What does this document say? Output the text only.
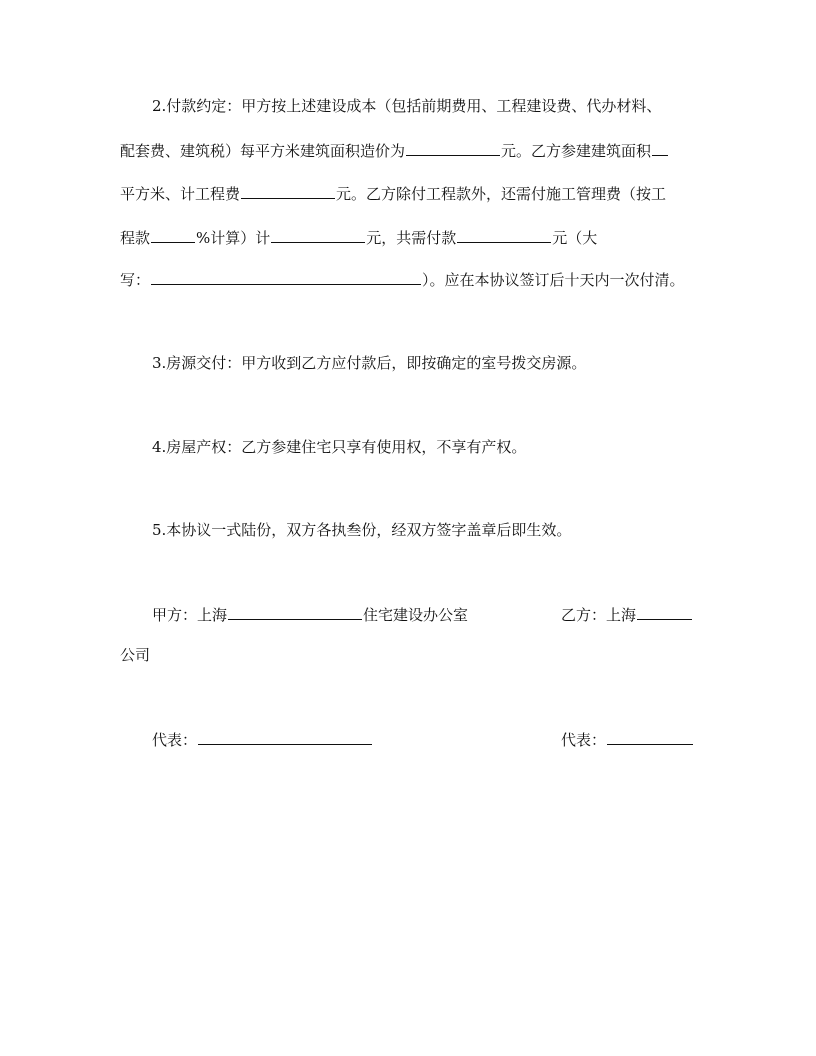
2.付款约定：甲方按上述建设成本（包括前期费用、工程建设费、代办材料、
配套费、建筑税）每平方米建筑面积造价为	元。乙方参建建筑面积
平方米、计工程费	元。乙方除付工程款外，还需付施工管理费（按工
程款	%计算）计	元，共需付款	元（大
写：	）。应在本协议签订后十天内一次付清。
3.房源交付：甲方收到乙方应付款后，即按确定的室号拨交房源。
4.房屋产权：乙方参建住宅只享有使用权，不享有产权。
5.本协议一式陆份，双方各执叁份，经双方签字盖章后即生效。
甲方：上海	住宅建设办公室	乙方：上海
公司
代表：	代表：
